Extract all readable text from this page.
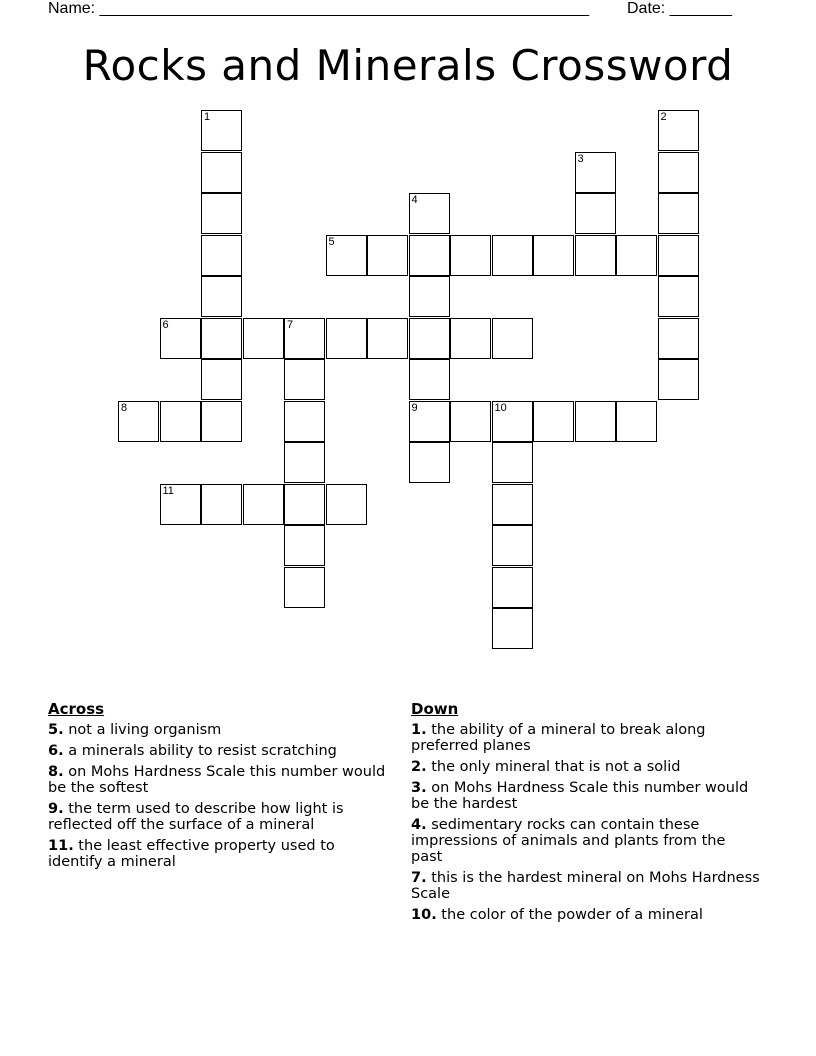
Name: _______________________________________________________ Date: _______
Rocks and Minerals Crossword
1	2
3
4
9
5
6	7
8	10
11
Across
5. not a living organism
6. a minerals ability to resist scratching
8. on Mohs Hardness Scale this number would be the softest
9. the term used to describe how light is reflected off the surface of a mineral
11. the least effective property used to identify a mineral
Down
1. the ability of a mineral to break along preferred planes
2. the only mineral that is not a solid
3. on Mohs Hardness Scale this number would be the hardest
4. sedimentary rocks can contain these impressions of animals and plants from the past
7. this is the hardest mineral on Mohs Hardness Scale
10. the color of the powder of a mineral
